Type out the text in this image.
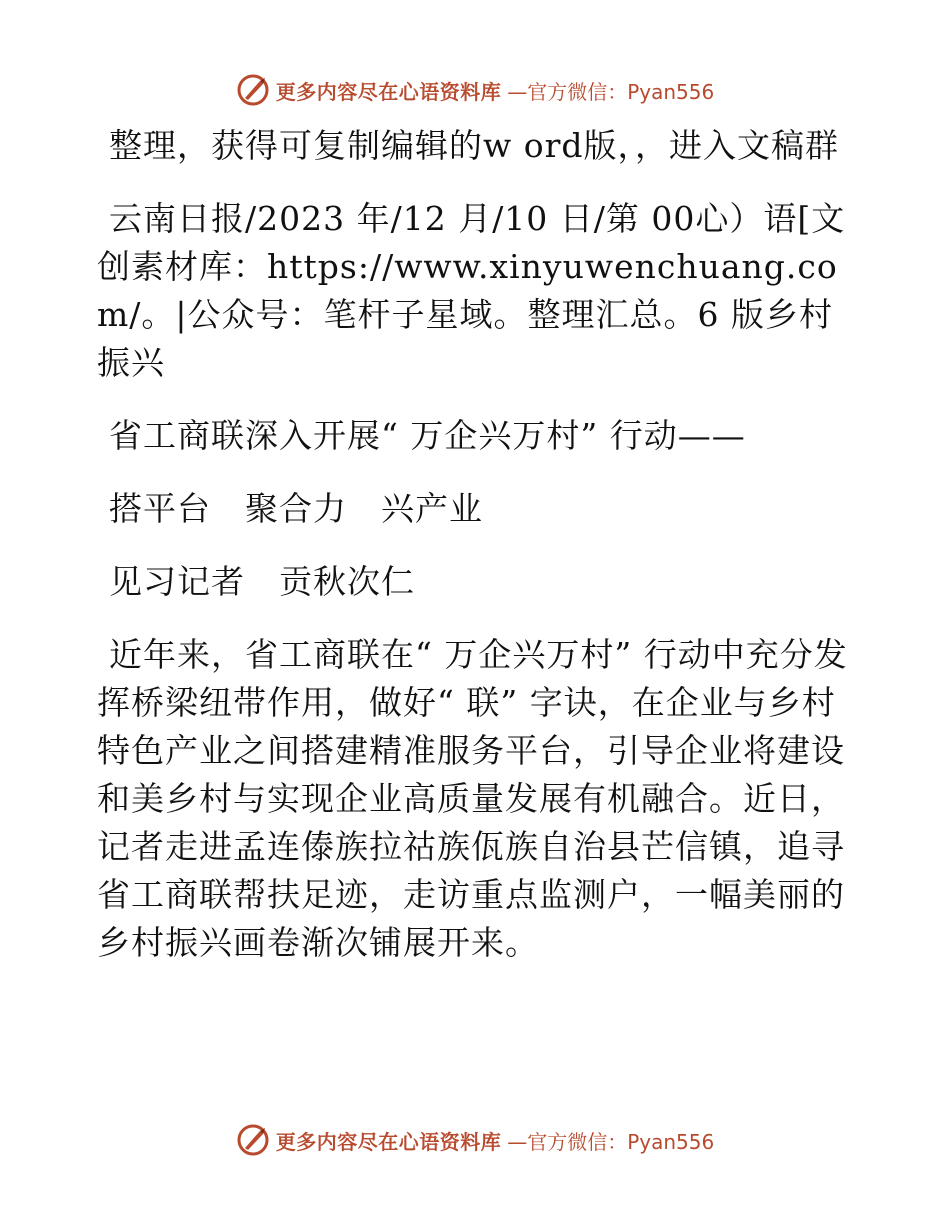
更多内容尽在心语资料库 —官方微信：Pyan556

整理，获得可复制编辑的w ord版，，进入文稿群

云南日报/2023 年/12 月/10 日/第 00心）语[文创素材库：https://www.xinyuwenchuang.com/。|公众号：笔杆子星域。整理汇总。6 版乡村振兴

省工商联深入开展“ 万企兴万村” 行动——

搭平台　聚合力　兴产业

见习记者　贡秋次仁

近年来，省工商联在“ 万企兴万村” 行动中充分发挥桥梁纽带作用，做好“ 联” 字诀，在企业与乡村特色产业之间搭建精准服务平台，引导企业将建设和美乡村与实现企业高质量发展有机融合。近日，记者走进孟连傣族拉祜族佤族自治县芒信镇，追寻省工商联帮扶足迹，走访重点监测户，一幅美丽的乡村振兴画卷渐次铺展开来。

更多内容尽在心语资料库 —官方微信：Pyan556
